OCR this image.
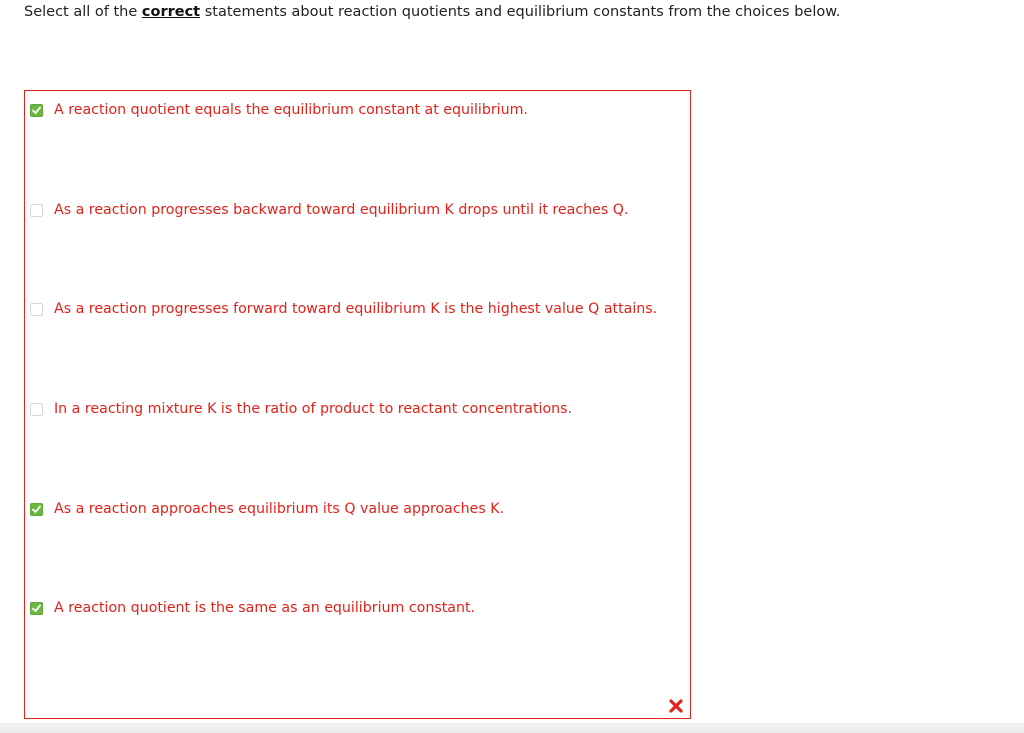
Select all of the correct statements about reaction quotients and equilibrium constants from the choices below.
A reaction quotient equals the equilibrium constant at equilibrium.
As a reaction progresses backward toward equilibrium K drops until it reaches Q.
As a reaction progresses forward toward equilibrium K is the highest value Q attains.
In a reacting mixture K is the ratio of product to reactant concentrations.
As a reaction approaches equilibrium its Q value approaches K.
A reaction quotient is the same as an equilibrium constant.
